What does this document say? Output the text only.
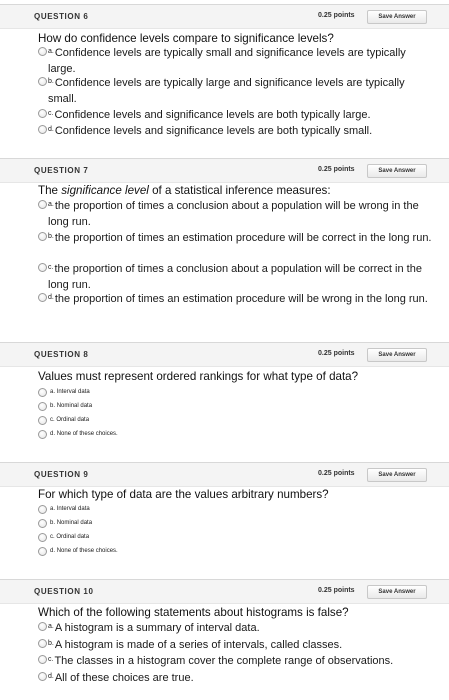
QUESTION 6	0.25 points	Save Answer
How do confidence levels compare to significance levels?
$^{a.}$Confidence levels are typically small and significance levels are typically large.
$^{b.}$Confidence levels are typically large and significance levels are typically small.
$^{c.}$Confidence levels and significance levels are both typically large.
$^{d.}$Confidence levels and significance levels are both typically small.
QUESTION 7	0.25 points	Save Answer
The significance level of a statistical inference measures:
$^{a.}$the proportion of times a conclusion about a population will be wrong in the long run.
$^{b.}$the proportion of times an estimation procedure will be correct in the long run.
$^{c.}$the proportion of times a conclusion about a population will be correct in the long run.
$^{d.}$the proportion of times an estimation procedure will be wrong in the long run.
QUESTION 8	0.25 points	Save Answer
Values must represent ordered rankings for what type of data?
a. Interval data
b. Nominal data
c. Ordinal data
d. None of these choices.
QUESTION 9	0.25 points	Save Answer
For which type of data are the values arbitrary numbers?
a. Interval data
b. Nominal data
c. Ordinal data
d. None of these choices.
QUESTION 10	0.25 points	Save Answer
Which of the following statements about histograms is false?
$^{a.}$A histogram is a summary of interval data.
$^{b.}$A histogram is made of a series of intervals, called classes.
$^{c.}$The classes in a histogram cover the complete range of observations.
$^{d.}$All of these choices are true.
